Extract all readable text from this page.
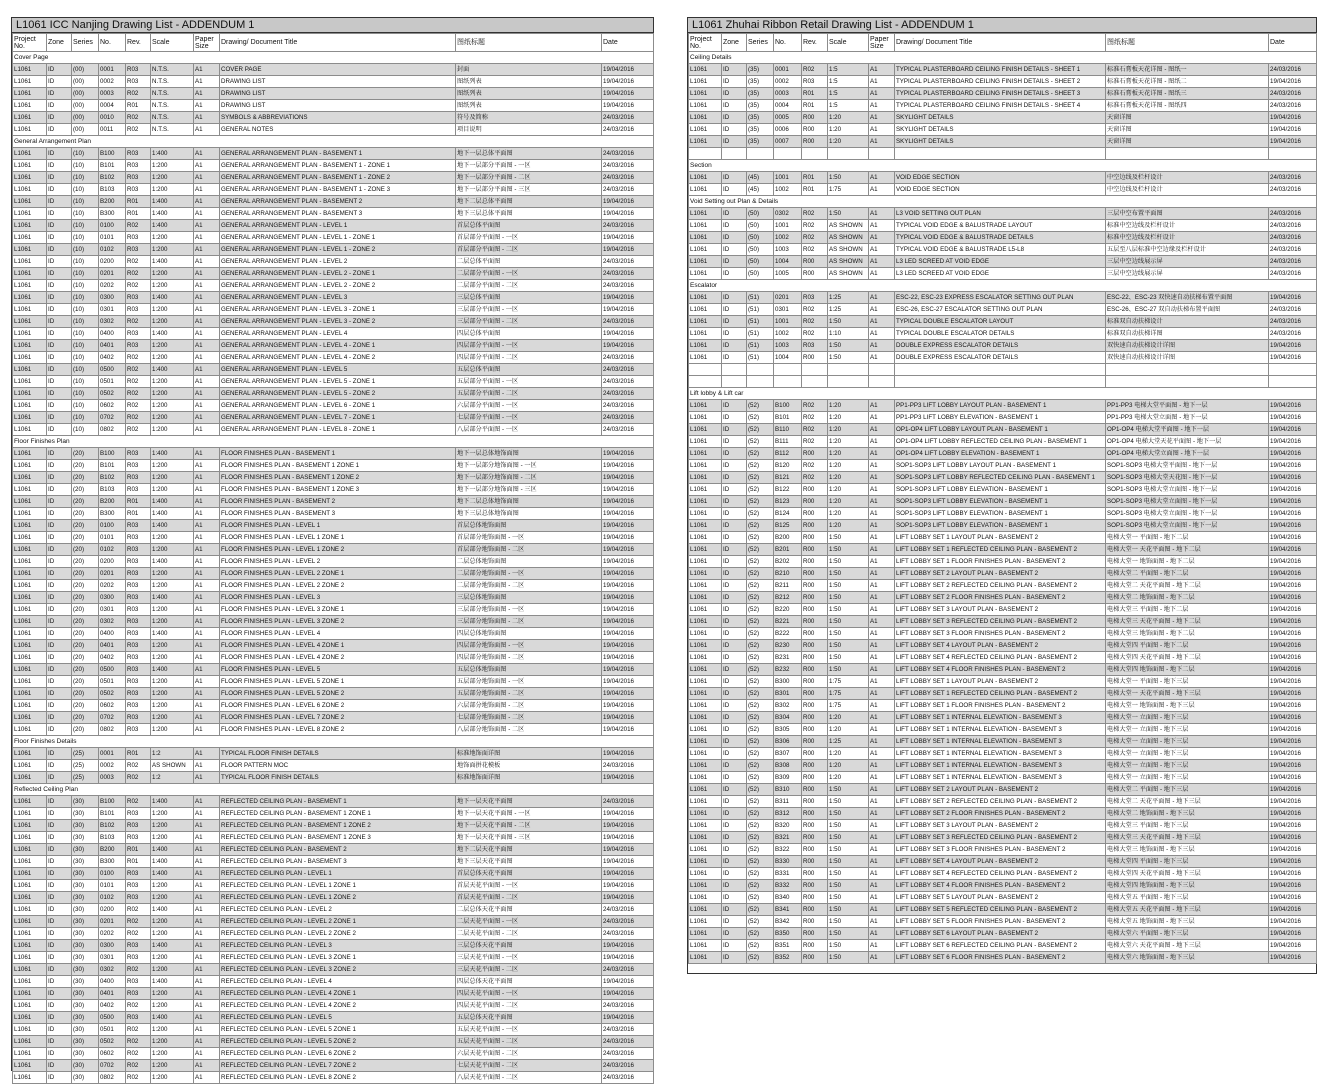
L1061 ICC Nanjing Drawing List - ADDENDUM 1
Project No.	Zone	Series	No.	Rev.	Scale	Paper Size	Drawing/ Document Title	图纸标题	Date
Cover Page									
L1061	ID	(00)	0001	R03	N.T.S.	A1	COVER PAGE	封面	19/04/2016
L1061	ID	(00)	0002	R03	N.T.S.	A1	DRAWING LIST	图纸列表	19/04/2016
L1061	ID	(00)	0003	R02	N.T.S.	A1	DRAWING LIST	图纸列表	19/04/2016
L1061	ID	(00)	0004	R01	N.T.S.	A1	DRAWING LIST	图纸列表	19/04/2016
L1061	ID	(00)	0010	R02	N.T.S.	A1	SYMBOLS & ABBREVIATIONS	符号及简称	24/03/2016
L1061	ID	(00)	0011	R02	N.T.S.	A1	GENERAL NOTES	项目说明	24/03/2016
General Arrangement Plan									
L1061	ID	(10)	B100	R03	1:400	A1	GENERAL ARRANGEMENT PLAN - BASEMENT 1	地下一层总体平面图	24/03/2016
L1061	ID	(10)	B101	R03	1:200	A1	GENERAL ARRANGEMENT PLAN - BASEMENT 1 - ZONE 1	地下一层部分平面图 - 一区	24/03/2016
L1061	ID	(10)	B102	R03	1:200	A1	GENERAL ARRANGEMENT PLAN - BASEMENT 1 - ZONE 2	地下一层部分平面图 - 二区	24/03/2016
L1061	ID	(10)	B103	R03	1:200	A1	GENERAL ARRANGEMENT PLAN - BASEMENT 1 - ZONE 3	地下一层部分平面图 - 三区	24/03/2016
L1061	ID	(10)	B200	R01	1:400	A1	GENERAL ARRANGEMENT PLAN - BASEMENT 2	地下二层总体平面图	19/04/2016
L1061	ID	(10)	B300	R01	1:400	A1	GENERAL ARRANGEMENT PLAN - BASEMENT 3	地下三层总体平面图	19/04/2016
L1061	ID	(10)	0100	R02	1:400	A1	GENERAL ARRANGEMENT PLAN - LEVEL 1	首层总体平面图	24/03/2016
L1061	ID	(10)	0101	R03	1:200	A1	GENERAL ARRANGEMENT PLAN - LEVEL 1 - ZONE 1	首层部分平面图 - 一区	19/04/2016
L1061	ID	(10)	0102	R03	1:200	A1	GENERAL ARRANGEMENT PLAN - LEVEL 1 - ZONE 2	首层部分平面图 - 二区	19/04/2016
L1061	ID	(10)	0200	R02	1:400	A1	GENERAL ARRANGEMENT PLAN - LEVEL 2	二层总体平面图	24/03/2016
L1061	ID	(10)	0201	R02	1:200	A1	GENERAL ARRANGEMENT PLAN - LEVEL 2 - ZONE 1	二层部分平面图 - 一区	24/03/2016
L1061	ID	(10)	0202	R02	1:200	A1	GENERAL ARRANGEMENT PLAN - LEVEL 2 - ZONE 2	二层部分平面图 - 二区	24/03/2016
L1061	ID	(10)	0300	R03	1:400	A1	GENERAL ARRANGEMENT PLAN - LEVEL 3	三层总体平面图	19/04/2016
L1061	ID	(10)	0301	R03	1:200	A1	GENERAL ARRANGEMENT PLAN - LEVEL 3 - ZONE 1	三层部分平面图 - 一区	19/04/2016
L1061	ID	(10)	0302	R02	1:200	A1	GENERAL ARRANGEMENT PLAN - LEVEL 3 - ZONE 2	三层部分平面图 - 二区	24/03/2016
L1061	ID	(10)	0400	R03	1:400	A1	GENERAL ARRANGEMENT PLAN - LEVEL 4	四层总体平面图	19/04/2016
L1061	ID	(10)	0401	R03	1:200	A1	GENERAL ARRANGEMENT PLAN - LEVEL 4 - ZONE 1	四层部分平面图 - 一区	19/04/2016
L1061	ID	(10)	0402	R02	1:200	A1	GENERAL ARRANGEMENT PLAN - LEVEL 4 - ZONE 2	四层部分平面图 - 二区	24/03/2016
L1061	ID	(10)	0500	R02	1:400	A1	GENERAL ARRANGEMENT PLAN - LEVEL 5	五层总体平面图	24/03/2016
L1061	ID	(10)	0501	R02	1:200	A1	GENERAL ARRANGEMENT PLAN - LEVEL 5 - ZONE 1	五层部分平面图 - 一区	24/03/2016
L1061	ID	(10)	0502	R02	1:200	A1	GENERAL ARRANGEMENT PLAN - LEVEL 5 - ZONE 2	五层部分平面图 - 二区	24/03/2016
L1061	ID	(10)	0602	R02	1:200	A1	GENERAL ARRANGEMENT PLAN - LEVEL 6 - ZONE 1	六层部分平面图 - 一区	24/03/2016
L1061	ID	(10)	0702	R02	1:200	A1	GENERAL ARRANGEMENT PLAN - LEVEL 7 - ZONE 1	七层部分平面图 - 一区	24/03/2016
L1061	ID	(10)	0802	R02	1:200	A1	GENERAL ARRANGEMENT PLAN - LEVEL 8 - ZONE 1	八层部分平面图 - 一区	24/03/2016
Floor Finishes Plan									
L1061	ID	(20)	B100	R03	1:400	A1	FLOOR FINISHES PLAN - BASEMENT 1	地下一层总体地饰面图	19/04/2016
L1061	ID	(20)	B101	R03	1:200	A1	FLOOR FINISHES PLAN - BASEMENT 1 ZONE 1	地下一层部分地饰面图 - 一区	19/04/2016
L1061	ID	(20)	B102	R03	1:200	A1	FLOOR FINISHES PLAN - BASEMENT 1 ZONE 2	地下一层部分地饰面图 - 二区	19/04/2016
L1061	ID	(20)	B103	R03	1:200	A1	FLOOR FINISHES PLAN - BASEMENT 1 ZONE 3	地下一层部分地饰面图 - 三区	19/04/2016
L1061	ID	(20)	B200	R01	1:400	A1	FLOOR FINISHES PLAN - BASEMENT 2	地下二层总体地饰面图	19/04/2016
L1061	ID	(20)	B300	R01	1:400	A1	FLOOR FINISHES PLAN - BASEMENT 3	地下三层总体地饰面图	19/04/2016
L1061	ID	(20)	0100	R03	1:400	A1	FLOOR FINISHES PLAN - LEVEL 1	首层总体地饰面图	19/04/2016
L1061	ID	(20)	0101	R03	1:200	A1	FLOOR FINISHES PLAN - LEVEL 1 ZONE 1	首层部分地饰面图 - 一区	19/04/2016
L1061	ID	(20)	0102	R03	1:200	A1	FLOOR FINISHES PLAN - LEVEL 1 ZONE 2	首层部分地饰面图 - 二区	19/04/2016
L1061	ID	(20)	0200	R03	1:400	A1	FLOOR FINISHES PLAN - LEVEL 2	二层总体地饰面图	19/04/2016
L1061	ID	(20)	0201	R03	1:200	A1	FLOOR FINISHES PLAN - LEVEL 2 ZONE 1	二层部分地饰面图 - 一区	19/04/2016
L1061	ID	(20)	0202	R03	1:200	A1	FLOOR FINISHES PLAN - LEVEL 2 ZONE 2	二层部分地饰面图 - 二区	19/04/2016
L1061	ID	(20)	0300	R03	1:400	A1	FLOOR FINISHES PLAN - LEVEL 3	三层总体地饰面图	19/04/2016
L1061	ID	(20)	0301	R03	1:200	A1	FLOOR FINISHES PLAN - LEVEL 3 ZONE 1	三层部分地饰面图 - 一区	19/04/2016
L1061	ID	(20)	0302	R03	1:200	A1	FLOOR FINISHES PLAN - LEVEL 3 ZONE 2	三层部分地饰面图 - 二区	19/04/2016
L1061	ID	(20)	0400	R03	1:400	A1	FLOOR FINISHES PLAN - LEVEL 4	四层总体地饰面图	19/04/2016
L1061	ID	(20)	0401	R03	1:200	A1	FLOOR FINISHES PLAN - LEVEL 4 ZONE 1	四层部分地饰面图 - 一区	19/04/2016
L1061	ID	(20)	0402	R03	1:200	A1	FLOOR FINISHES PLAN - LEVEL 4 ZONE 2	四层部分地饰面图 - 二区	19/04/2016
L1061	ID	(20)	0500	R03	1:400	A1	FLOOR FINISHES PLAN - LEVEL 5	五层总体地饰面图	19/04/2016
L1061	ID	(20)	0501	R03	1:200	A1	FLOOR FINISHES PLAN - LEVEL 5 ZONE 1	五层部分地饰面图 - 一区	19/04/2016
L1061	ID	(20)	0502	R03	1:200	A1	FLOOR FINISHES PLAN - LEVEL 5 ZONE 2	五层部分地饰面图 - 二区	19/04/2016
L1061	ID	(20)	0602	R03	1:200	A1	FLOOR FINISHES PLAN - LEVEL 6 ZONE 2	六层部分地饰面图 - 二区	19/04/2016
L1061	ID	(20)	0702	R03	1:200	A1	FLOOR FINISHES PLAN - LEVEL 7 ZONE 2	七层部分地饰面图 - 二区	19/04/2016
L1061	ID	(20)	0802	R03	1:200	A1	FLOOR FINISHES PLAN - LEVEL 8 ZONE 2	八层部分地饰面图 - 二区	19/04/2016
Floor Finishes Details									
L1061	ID	(25)	0001	R01	1:2	A1	TYPICAL FLOOR FINISH DETAILS	标准地饰面详图	19/04/2016
L1061	ID	(25)	0002	R02	AS SHOWN	A1	FLOOR PATTERN MOC	地饰面拼花模板	24/03/2016
L1061	ID	(25)	0003	R02	1:2	A1	TYPICAL FLOOR FINISH DETAILS	标准地饰面详图	19/04/2016
Reflected Ceiling Plan									
L1061	ID	(30)	B100	R02	1:400	A1	REFLECTED CEILING PLAN - BASEMENT 1	地下一层天花平面图	24/03/2016
L1061	ID	(30)	B101	R03	1:200	A1	REFLECTED CEILING PLAN - BASEMENT 1 ZONE 1	地下一层天花平面图 - 一区	19/04/2016
L1061	ID	(30)	B102	R03	1:200	A1	REFLECTED CEILING PLAN - BASEMENT 1 ZONE 2	地下一层天花平面图 - 二区	19/04/2016
L1061	ID	(30)	B103	R03	1:200	A1	REFLECTED CEILING PLAN - BASEMENT 1 ZONE 3	地下一层天花平面图 - 三区	19/04/2016
L1061	ID	(30)	B200	R01	1:400	A1	REFLECTED CEILING PLAN - BASEMENT 2	地下二层天花平面图	19/04/2016
L1061	ID	(30)	B300	R01	1:400	A1	REFLECTED CEILING PLAN - BASEMENT 3	地下三层天花平面图	19/04/2016
L1061	ID	(30)	0100	R03	1:400	A1	REFLECTED CEILING PLAN - LEVEL 1	首层总体天花平面图	19/04/2016
L1061	ID	(30)	0101	R03	1:200	A1	REFLECTED CEILING PLAN - LEVEL 1 ZONE 1	首层天花平面图 - 一区	19/04/2016
L1061	ID	(30)	0102	R03	1:200	A1	REFLECTED CEILING PLAN - LEVEL 1 ZONE 2	首层天花平面图 - 二区	19/04/2016
L1061	ID	(30)	0200	R02	1:400	A1	REFLECTED CEILING PLAN - LEVEL 2	二层总体天花平面图	24/03/2016
L1061	ID	(30)	0201	R02	1:200	A1	REFLECTED CEILING PLAN - LEVEL 2 ZONE 1	二层天花平面图 - 一区	24/03/2016
L1061	ID	(30)	0202	R02	1:200	A1	REFLECTED CEILING PLAN - LEVEL 2 ZONE 2	二层天花平面图 - 二区	24/03/2016
L1061	ID	(30)	0300	R03	1:400	A1	REFLECTED CEILING PLAN - LEVEL 3	三层总体天花平面图	19/04/2016
L1061	ID	(30)	0301	R03	1:200	A1	REFLECTED CEILING PLAN - LEVEL 3 ZONE 1	三层天花平面图 - 一区	19/04/2016
L1061	ID	(30)	0302	R02	1:200	A1	REFLECTED CEILING PLAN - LEVEL 3 ZONE 2	三层天花平面图 - 二区	24/03/2016
L1061	ID	(30)	0400	R03	1:400	A1	REFLECTED CEILING PLAN - LEVEL 4	四层总体天花平面图	19/04/2016
L1061	ID	(30)	0401	R03	1:200	A1	REFLECTED CEILING PLAN - LEVEL 4 ZONE 1	四层天花平面图 - 一区	19/04/2016
L1061	ID	(30)	0402	R02	1:200	A1	REFLECTED CEILING PLAN - LEVEL 4 ZONE 2	四层天花平面图 - 二区	24/03/2016
L1061	ID	(30)	0500	R03	1:400	A1	REFLECTED CEILING PLAN - LEVEL 5	五层总体天花平面图	19/04/2016
L1061	ID	(30)	0501	R02	1:200	A1	REFLECTED CEILING PLAN - LEVEL 5 ZONE 1	五层天花平面图 - 一区	24/03/2016
L1061	ID	(30)	0502	R02	1:200	A1	REFLECTED CEILING PLAN - LEVEL 5 ZONE 2	五层天花平面图 - 二区	24/03/2016
L1061	ID	(30)	0602	R02	1:200	A1	REFLECTED CEILING PLAN - LEVEL 6 ZONE 2	六层天花平面图 - 二区	24/03/2016
L1061	ID	(30)	0702	R02	1:200	A1	REFLECTED CEILING PLAN - LEVEL 7 ZONE 2	七层天花平面图 - 二区	24/03/2016
L1061	ID	(30)	0802	R02	1:200	A1	REFLECTED CEILING PLAN - LEVEL 8 ZONE 2	八层天花平面图 - 二区	24/03/2016
L1061 Zhuhai Ribbon Retail Drawing List - ADDENDUM 1
Project No.	Zone	Series	No.	Rev.	Scale	Paper Size	Drawing/ Document Title	图纸标题	Date
Ceiling Details									
L1061	ID	(35)	0001	R02	1:5	A1	TYPICAL PLASTERBOARD CEILING FINISH DETAILS - SHEET 1	标准石膏板天花详图 - 图纸一	24/03/2016
L1061	ID	(35)	0002	R03	1:5	A1	TYPICAL PLASTERBOARD CEILING FINISH DETAILS - SHEET 2	标准石膏板天花详图 - 图纸二	19/04/2016
L1061	ID	(35)	0003	R01	1:5	A1	TYPICAL PLASTERBOARD CEILING FINISH DETAILS - SHEET 3	标准石膏板天花详图 - 图纸三	24/03/2016
L1061	ID	(35)	0004	R01	1:5	A1	TYPICAL PLASTERBOARD CEILING FINISH DETAILS - SHEET 4	标准石膏板天花详图 - 图纸四	24/03/2016
L1061	ID	(35)	0005	R00	1:20	A1	SKYLIGHT DETAILS	天窗详图	19/04/2016
L1061	ID	(35)	0006	R00	1:20	A1	SKYLIGHT DETAILS	天窗详图	19/04/2016
L1061	ID	(35)	0007	R00	1:20	A1	SKYLIGHT DETAILS	天窗详图	19/04/2016

Section									
L1061	ID	(45)	1001	R01	1:50	A1	VOID EDGE SECTION	中空边线及栏杆设计	24/03/2016
L1061	ID	(45)	1002	R01	1:75	A1	VOID EDGE SECTION	中空边线及栏杆设计	24/03/2016
Void Setting out Plan & Details									
L1061	ID	(50)	0302	R02	1:50	A1	L3 VOID SETTING OUT PLAN	三层中空布置平面图	24/03/2016
L1061	ID	(50)	1001	R02	AS SHOWN	A1	TYPICAL VOID EDGE & BALUSTRADE LAYOUT	标准中空边线及栏杆设计	24/03/2016
L1061	ID	(50)	1002	R02	AS SHOWN	A1	TYPICAL VOID EDGE & BALUSTRADE DETAILS	标准中空边线及栏杆设计	24/03/2016
L1061	ID	(50)	1003	R02	AS SHOWN	A1	TYPICAL VOID EDGE & BALUSTRADE L5-L8	五层至八层标准中空边缘及栏杆设计	24/03/2016
L1061	ID	(50)	1004	R00	AS SHOWN	A1	L3 LED SCREED AT VOID EDGE	三层中空边线展示屏	24/03/2016
L1061	ID	(50)	1005	R00	AS SHOWN	A1	L3 LED SCREED AT VOID EDGE	三层中空边线展示屏	24/03/2016
Escalator									
L1061	ID	(51)	0201	R03	1:25	A1	ESC-22, ESC-23 EXPRESS ESCALATOR SETTING OUT PLAN	ESC-22、ESC-23 双快速自动扶梯布置平面图	19/04/2016
L1061	ID	(51)	0301	R02	1:25	A1	ESC-26, ESC-27 ESCALATOR SETTING OUT PLAN	ESC-26、ESC-27 双自动扶梯布置平面图	24/03/2016
L1061	ID	(51)	1001	R02	1:50	A1	TYPICAL DOUBLE ESCALATOR LAYOUT	标准双自动扶梯设计	24/03/2016
L1061	ID	(51)	1002	R02	1:10	A1	TYPICAL DOUBLE ESCALATOR DETAILS	标准双自动扶梯详图	24/03/2016
L1061	ID	(51)	1003	R03	1:50	A1	DOUBLE EXPRESS ESCALATOR DETAILS	双快速自动扶梯设计详图	19/04/2016
L1061	ID	(51)	1004	R00	1:50	A1	DOUBLE EXPRESS ESCALATOR DETAILS	双快速自动扶梯设计详图	19/04/2016

Lift lobby & Lift car									
L1061	ID	(52)	B100	R02	1:20	A1	PP1-PP3 LIFT LOBBY LAYOUT PLAN - BASEMENT 1	PP1-PP3 电梯大堂平面图 - 地下一层	19/04/2016
L1061	ID	(52)	B101	R02	1:20	A1	PP1-PP3 LIFT LOBBY ELEVATION - BASEMENT 1	PP1-PP3 电梯大堂立面图 - 地下一层	19/04/2016
L1061	ID	(52)	B110	R02	1:20	A1	OP1-OP4 LIFT LOBBY LAYOUT PLAN - BASEMENT 1	OP1-OP4 电梯大堂平面图 - 地下一层	19/04/2016
L1061	ID	(52)	B111	R02	1:20	A1	OP1-OP4 LIFT LOBBY REFLECTED CEILING PLAN - BASEMENT 1	OP1-OP4 电梯大堂天花平面图 - 地下一层	19/04/2016
L1061	ID	(52)	B112	R00	1:20	A1	OP1-OP4 LIFT LOBBY ELEVATION - BASEMENT 1	OP1-OP4 电梯大堂立面图 - 地下一层	19/04/2016
L1061	ID	(52)	B120	R02	1:20	A1	SOP1-SOP3 LIFT LOBBY LAYOUT PLAN - BASEMENT 1	SOP1-SOP3 电梯大堂平面图 - 地下一层	19/04/2016
L1061	ID	(52)	B121	R02	1:20	A1	SOP1-SOP3 LIFT LOBBY REFLECTED CEILING PLAN - BASEMENT 1	SOP1-SOP3 电梯大堂天花图 - 地下一层	19/04/2016
L1061	ID	(52)	B122	R00	1:20	A1	SOP1-SOP3 LIFT LOBBY ELEVATION - BASEMENT 1	SOP1-SOP3 电梯大堂立面图 - 地下一层	19/04/2016
L1061	ID	(52)	B123	R00	1:20	A1	SOP1-SOP3 LIFT LOBBY ELEVATION - BASEMENT 1	SOP1-SOP3 电梯大堂立面图 - 地下一层	19/04/2016
L1061	ID	(52)	B124	R00	1:20	A1	SOP1-SOP3 LIFT LOBBY ELEVATION - BASEMENT 1	SOP1-SOP3 电梯大堂立面图 - 地下一层	19/04/2016
L1061	ID	(52)	B125	R00	1:20	A1	SOP1-SOP3 LIFT LOBBY ELEVATION - BASEMENT 1	SOP1-SOP3 电梯大堂立面图 - 地下一层	19/04/2016
L1061	ID	(52)	B200	R00	1:50	A1	LIFT LOBBY SET 1 LAYOUT PLAN - BASEMENT 2	电梯大堂一 平面图 - 地下二层	19/04/2016
L1061	ID	(52)	B201	R00	1:50	A1	LIFT LOBBY SET 1 REFLECTED CEILING PLAN - BASEMENT 2	电梯大堂一 天花平面图 - 地下二层	19/04/2016
L1061	ID	(52)	B202	R00	1:50	A1	LIFT LOBBY SET 1 FLOOR FINISHES PLAN - BASEMENT 2	电梯大堂一 地饰面图 - 地下二层	19/04/2016
L1061	ID	(52)	B210	R00	1:50	A1	LIFT LOBBY SET 2 LAYOUT PLAN - BASEMENT 2	电梯大堂二 平面图 - 地下二层	19/04/2016
L1061	ID	(52)	B211	R00	1:50	A1	LIFT LOBBY SET 2 REFLECTED CEILING PLAN - BASEMENT 2	电梯大堂二 天花平面图 - 地下二层	19/04/2016
L1061	ID	(52)	B212	R00	1:50	A1	LIFT LOBBY SET 2 FLOOR FINISHES PLAN - BASEMENT 2	电梯大堂二 地饰面图 - 地下二层	19/04/2016
L1061	ID	(52)	B220	R00	1:50	A1	LIFT LOBBY SET 3 LAYOUT PLAN - BASEMENT 2	电梯大堂三 平面图 - 地下二层	19/04/2016
L1061	ID	(52)	B221	R00	1:50	A1	LIFT LOBBY SET 3 REFLECTED CEILING PLAN - BASEMENT 2	电梯大堂三 天花平面图 - 地下二层	19/04/2016
L1061	ID	(52)	B222	R00	1:50	A1	LIFT LOBBY SET 3 FLOOR FINISHES PLAN - BASEMENT 2	电梯大堂三 地饰面图 - 地下二层	19/04/2016
L1061	ID	(52)	B230	R00	1:50	A1	LIFT LOBBY SET 4 LAYOUT PLAN - BASEMENT 2	电梯大堂四 平面图 - 地下二层	19/04/2016
L1061	ID	(52)	B231	R00	1:50	A1	LIFT LOBBY SET 4 REFLECTED CEILING PLAN - BASEMENT 2	电梯大堂四 天花平面图 - 地下二层	19/04/2016
L1061	ID	(52)	B232	R00	1:50	A1	LIFT LOBBY SET 4 FLOOR FINISHES PLAN - BASEMENT 2	电梯大堂四 地饰面图 - 地下二层	19/04/2016
L1061	ID	(52)	B300	R00	1:75	A1	LIFT LOBBY SET 1 LAYOUT PLAN - BASEMENT 2	电梯大堂一 平面图 - 地下三层	19/04/2016
L1061	ID	(52)	B301	R00	1:75	A1	LIFT LOBBY SET 1 REFLECTED CEILING PLAN - BASEMENT 2	电梯大堂一 天花平面图 - 地下三层	19/04/2016
L1061	ID	(52)	B302	R00	1:75	A1	LIFT LOBBY SET 1 FLOOR FINISHES PLAN - BASEMENT 2	电梯大堂一 地饰面图 - 地下三层	19/04/2016
L1061	ID	(52)	B304	R00	1:20	A1	LIFT LOBBY SET 1 INTERNAL ELEVATION - BASEMENT 3	电梯大堂一 立面图 - 地下三层	19/04/2016
L1061	ID	(52)	B305	R00	1:20	A1	LIFT LOBBY SET 1 INTERNAL ELEVATION - BASEMENT 3	电梯大堂一 立面图 - 地下三层	19/04/2016
L1061	ID	(52)	B306	R00	1:25	A1	LIFT LOBBY SET 1 INTERNAL ELEVATION - BASEMENT 3	电梯大堂一 立面图 - 地下三层	19/04/2016
L1061	ID	(52)	B307	R00	1:20	A1	LIFT LOBBY SET 1 INTERNAL ELEVATION - BASEMENT 3	电梯大堂一 立面图 - 地下三层	19/04/2016
L1061	ID	(52)	B308	R00	1:20	A1	LIFT LOBBY SET 1 INTERNAL ELEVATION - BASEMENT 3	电梯大堂一 立面图 - 地下三层	19/04/2016
L1061	ID	(52)	B309	R00	1:20	A1	LIFT LOBBY SET 1 INTERNAL ELEVATION - BASEMENT 3	电梯大堂一 立面图 - 地下三层	19/04/2016
L1061	ID	(52)	B310	R00	1:50	A1	LIFT LOBBY SET 2 LAYOUT PLAN - BASEMENT 2	电梯大堂二 平面图 - 地下三层	19/04/2016
L1061	ID	(52)	B311	R00	1:50	A1	LIFT LOBBY SET 2 REFLECTED CEILING PLAN - BASEMENT 2	电梯大堂二 天花平面图 - 地下三层	19/04/2016
L1061	ID	(52)	B312	R00	1:50	A1	LIFT LOBBY SET 2 FLOOR FINISHES PLAN - BASEMENT 2	电梯大堂二 地饰面图 - 地下三层	19/04/2016
L1061	ID	(52)	B320	R00	1:50	A1	LIFT LOBBY SET 3 LAYOUT PLAN - BASEMENT 2	电梯大堂三 平面图 - 地下三层	19/04/2016
L1061	ID	(52)	B321	R00	1:50	A1	LIFT LOBBY SET 3 REFLECTED CEILING PLAN - BASEMENT 2	电梯大堂三 天花平面图 - 地下三层	19/04/2016
L1061	ID	(52)	B322	R00	1:50	A1	LIFT LOBBY SET 3 FLOOR FINISHES PLAN - BASEMENT 2	电梯大堂三 地饰面图 - 地下三层	19/04/2016
L1061	ID	(52)	B330	R00	1:50	A1	LIFT LOBBY SET 4 LAYOUT PLAN - BASEMENT 2	电梯大堂四 平面图 - 地下三层	19/04/2016
L1061	ID	(52)	B331	R00	1:50	A1	LIFT LOBBY SET 4 REFLECTED CEILING PLAN - BASEMENT 2	电梯大堂四 天花平面图 - 地下三层	19/04/2016
L1061	ID	(52)	B332	R00	1:50	A1	LIFT LOBBY SET 4 FLOOR FINISHES PLAN - BASEMENT 2	电梯大堂四 地饰面图 - 地下三层	19/04/2016
L1061	ID	(52)	B340	R00	1:50	A1	LIFT LOBBY SET 5 LAYOUT PLAN - BASEMENT 2	电梯大堂五 平面图 - 地下三层	19/04/2016
L1061	ID	(52)	B341	R00	1:50	A1	LIFT LOBBY SET 5 REFLECTED CEILING PLAN - BASEMENT 2	电梯大堂五 天花平面图 - 地下三层	19/04/2016
L1061	ID	(52)	B342	R00	1:50	A1	LIFT LOBBY SET 5 FLOOR FINISHES PLAN - BASEMENT 2	电梯大堂五 地饰面图 - 地下三层	19/04/2016
L1061	ID	(52)	B350	R00	1:50	A1	LIFT LOBBY SET 6 LAYOUT PLAN - BASEMENT 2	电梯大堂六 平面图 - 地下三层	19/04/2016
L1061	ID	(52)	B351	R00	1:50	A1	LIFT LOBBY SET 6 REFLECTED CEILING PLAN - BASEMENT 2	电梯大堂六 天花平面图 - 地下三层	19/04/2016
L1061	ID	(52)	B352	R00	1:50	A1	LIFT LOBBY SET 6 FLOOR FINISHES PLAN - BASEMENT 2	电梯大堂六 地饰面图 - 地下三层	19/04/2016
